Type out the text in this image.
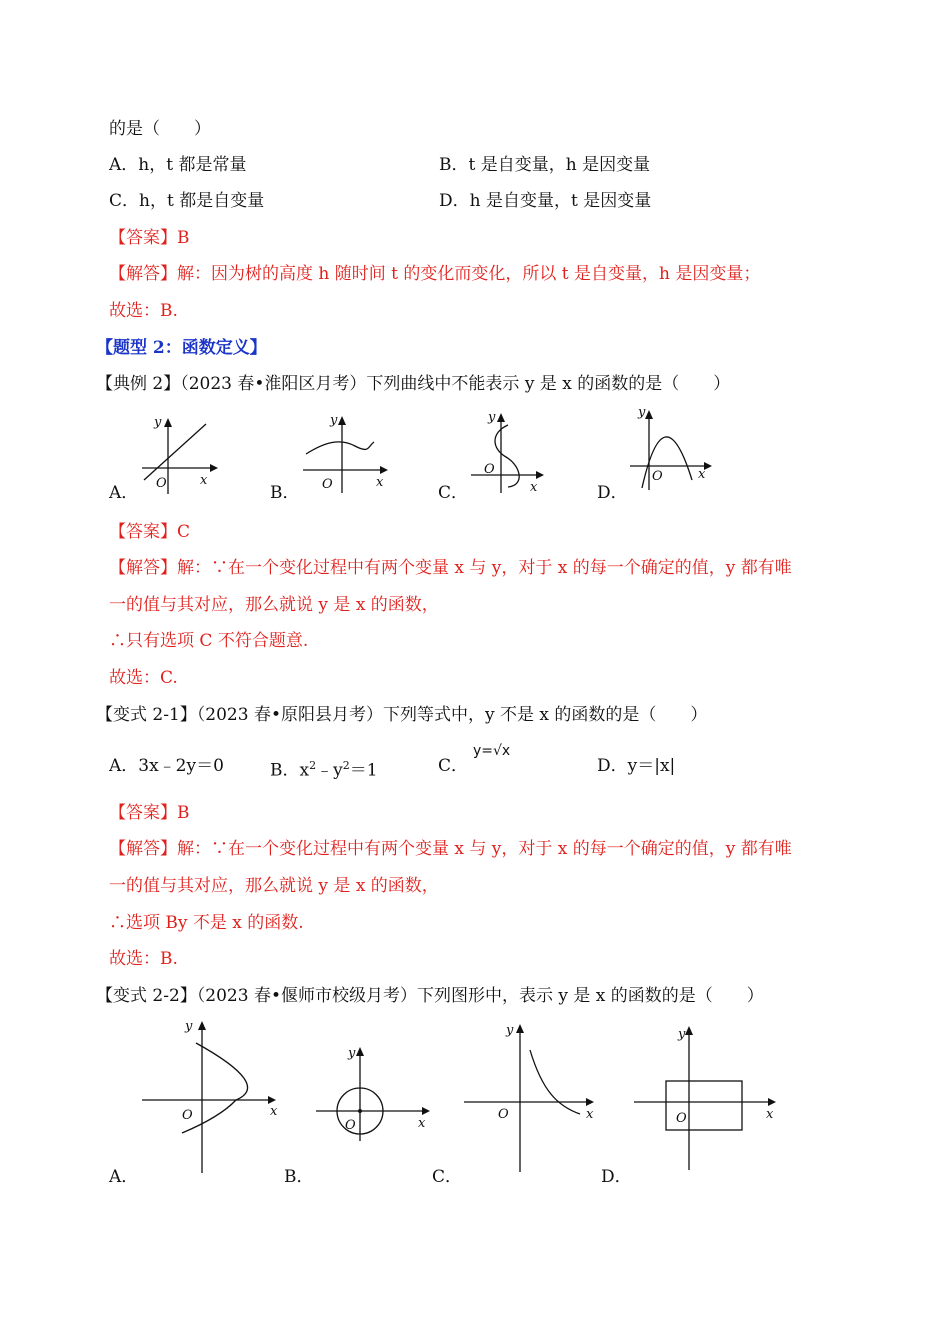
的是（　　）
A．h，t 都是常量	B．t 是自变量，h 是因变量
C．h，t 都是自变量	D．h 是自变量，t 是因变量
【答案】B
【解答】解：因为树的高度 h 随时间 t 的变化而变化，所以 t 是自变量，h 是因变量；
故选：B.
【题型 2：函数定义】
【典例 2】（2023 春•淮阳区月考）下列曲线中不能表示 y 是 x 的函数的是（　　）
A．	B．	C．	D．
y
O	x
y
O	x
y
O
x
y
O	x
【答案】C
【解答】解：∵在一个变化过程中有两个变量 x 与 y，对于 x 的每一个确定的值，y 都有唯
一的值与其对应，那么就说 y 是 x 的函数，
∴只有选项 C 不符合题意.
故选：C.
【变式 2-1】（2023 春•原阳县月考）下列等式中，y 不是 x 的函数的是（　　）
A．3x﹣2y＝0	B．$x^2﹣y^2=1$	C．
y=√x
D．y＝|x|
【答案】B
【解答】解：∵在一个变化过程中有两个变量 x 与 y，对于 x 的每一个确定的值，y 都有唯
一的值与其对应，那么就说 y 是 x 的函数，
∴选项 By 不是 x 的函数.
故选：B.
【变式 2-2】（2023 春•偃师市校级月考）下列图形中，表示 y 是 x 的函数的是（　　）
y
O	x
y
O	x
y
O	x
y
O	x
A．	B．	C．	D．
